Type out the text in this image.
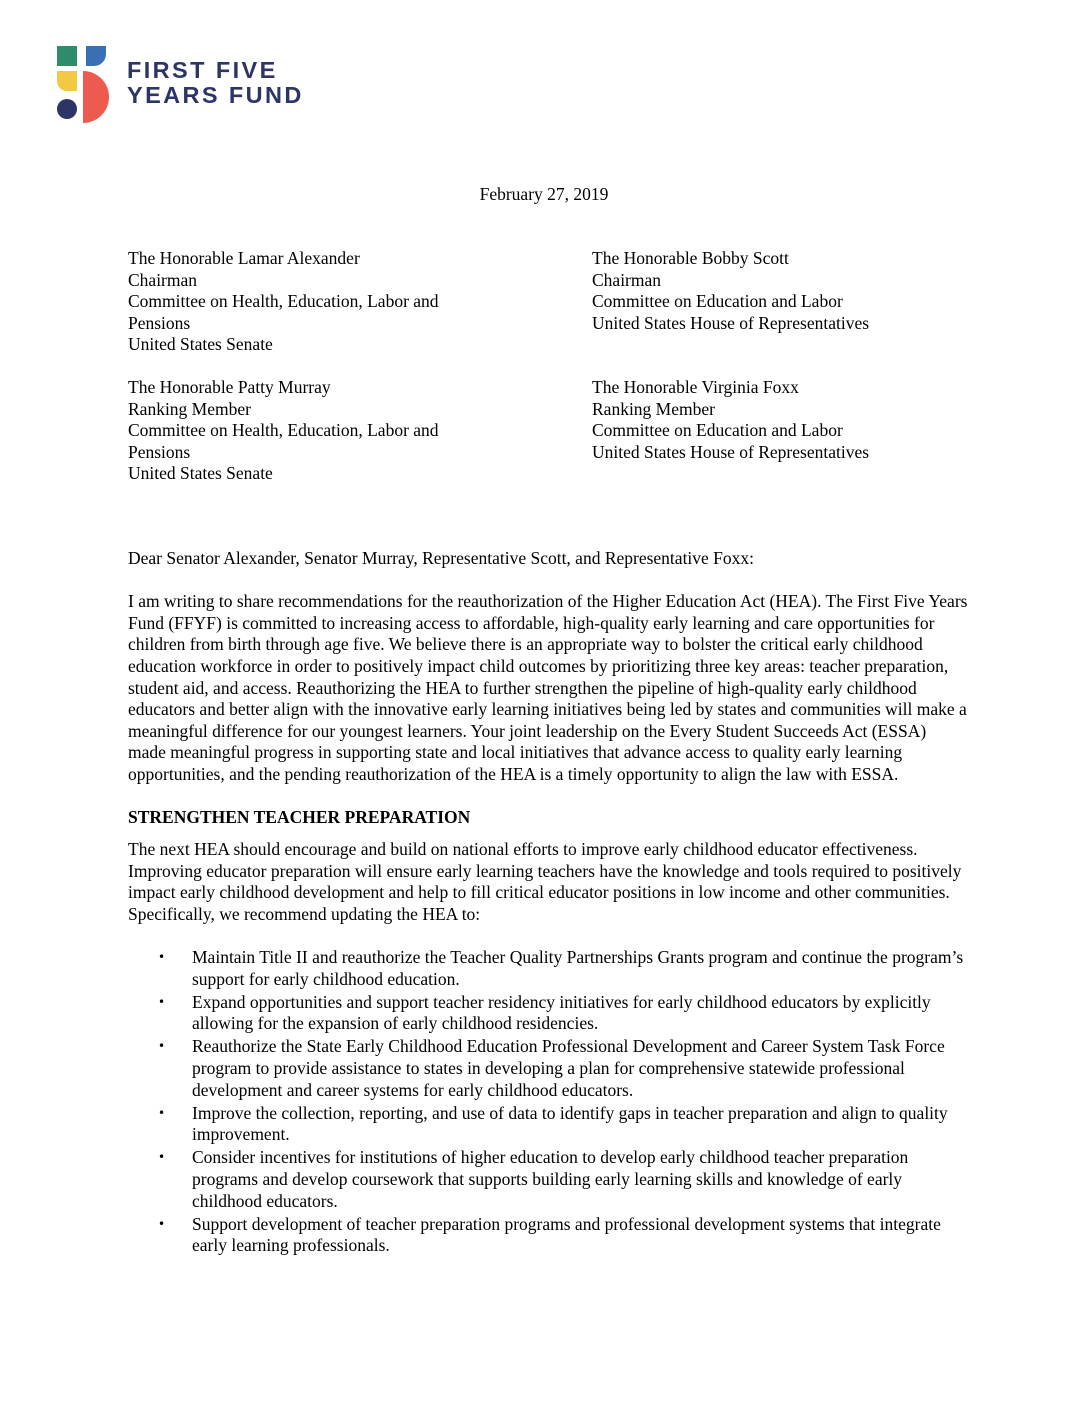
FIRST FIVE
YEARS FUND
February 27, 2019
The Honorable Lamar Alexander
Chairman
Committee on Health, Education, Labor and
Pensions
United States Senate
The Honorable Patty Murray
Ranking Member
Committee on Health, Education, Labor and
Pensions
United States Senate
The Honorable Bobby Scott
Chairman
Committee on Education and Labor
United States House of Representatives
The Honorable Virginia Foxx
Ranking Member
Committee on Education and Labor
United States House of Representatives

Dear Senator Alexander, Senator Murray, Representative Scott, and Representative Foxx:

I am writing to share recommendations for the reauthorization of the Higher Education Act (HEA). The First Five Years Fund (FFYF) is committed to increasing access to affordable, high-quality early learning and care opportunities for children from birth through age five. We believe there is an appropriate way to bolster the critical early childhood education workforce in order to positively impact child outcomes by prioritizing three key areas: teacher preparation, student aid, and access. Reauthorizing the HEA to further strengthen the pipeline of high-quality early childhood educators and better align with the innovative early learning initiatives being led by states and communities will make a meaningful difference for our youngest learners. Your joint leadership on the Every Student Succeeds Act (ESSA) made meaningful progress in supporting state and local initiatives that advance access to quality early learning opportunities, and the pending reauthorization of the HEA is a timely opportunity to align the law with ESSA.

STRENGTHEN TEACHER PREPARATION

The next HEA should encourage and build on national efforts to improve early childhood educator effectiveness. Improving educator preparation will ensure early learning teachers have the knowledge and tools required to positively impact early childhood development and help to fill critical educator positions in low income and other communities. Specifically, we recommend updating the HEA to:

• Maintain Title II and reauthorize the Teacher Quality Partnerships Grants program and continue the program’s support for early childhood education.
• Expand opportunities and support teacher residency initiatives for early childhood educators by explicitly allowing for the expansion of early childhood residencies.
• Reauthorize the State Early Childhood Education Professional Development and Career System Task Force program to provide assistance to states in developing a plan for comprehensive statewide professional development and career systems for early childhood educators.
• Improve the collection, reporting, and use of data to identify gaps in teacher preparation and align to quality improvement.
• Consider incentives for institutions of higher education to develop early childhood teacher preparation programs and develop coursework that supports building early learning skills and knowledge of early childhood educators.
• Support development of teacher preparation programs and professional development systems that integrate early learning professionals.
